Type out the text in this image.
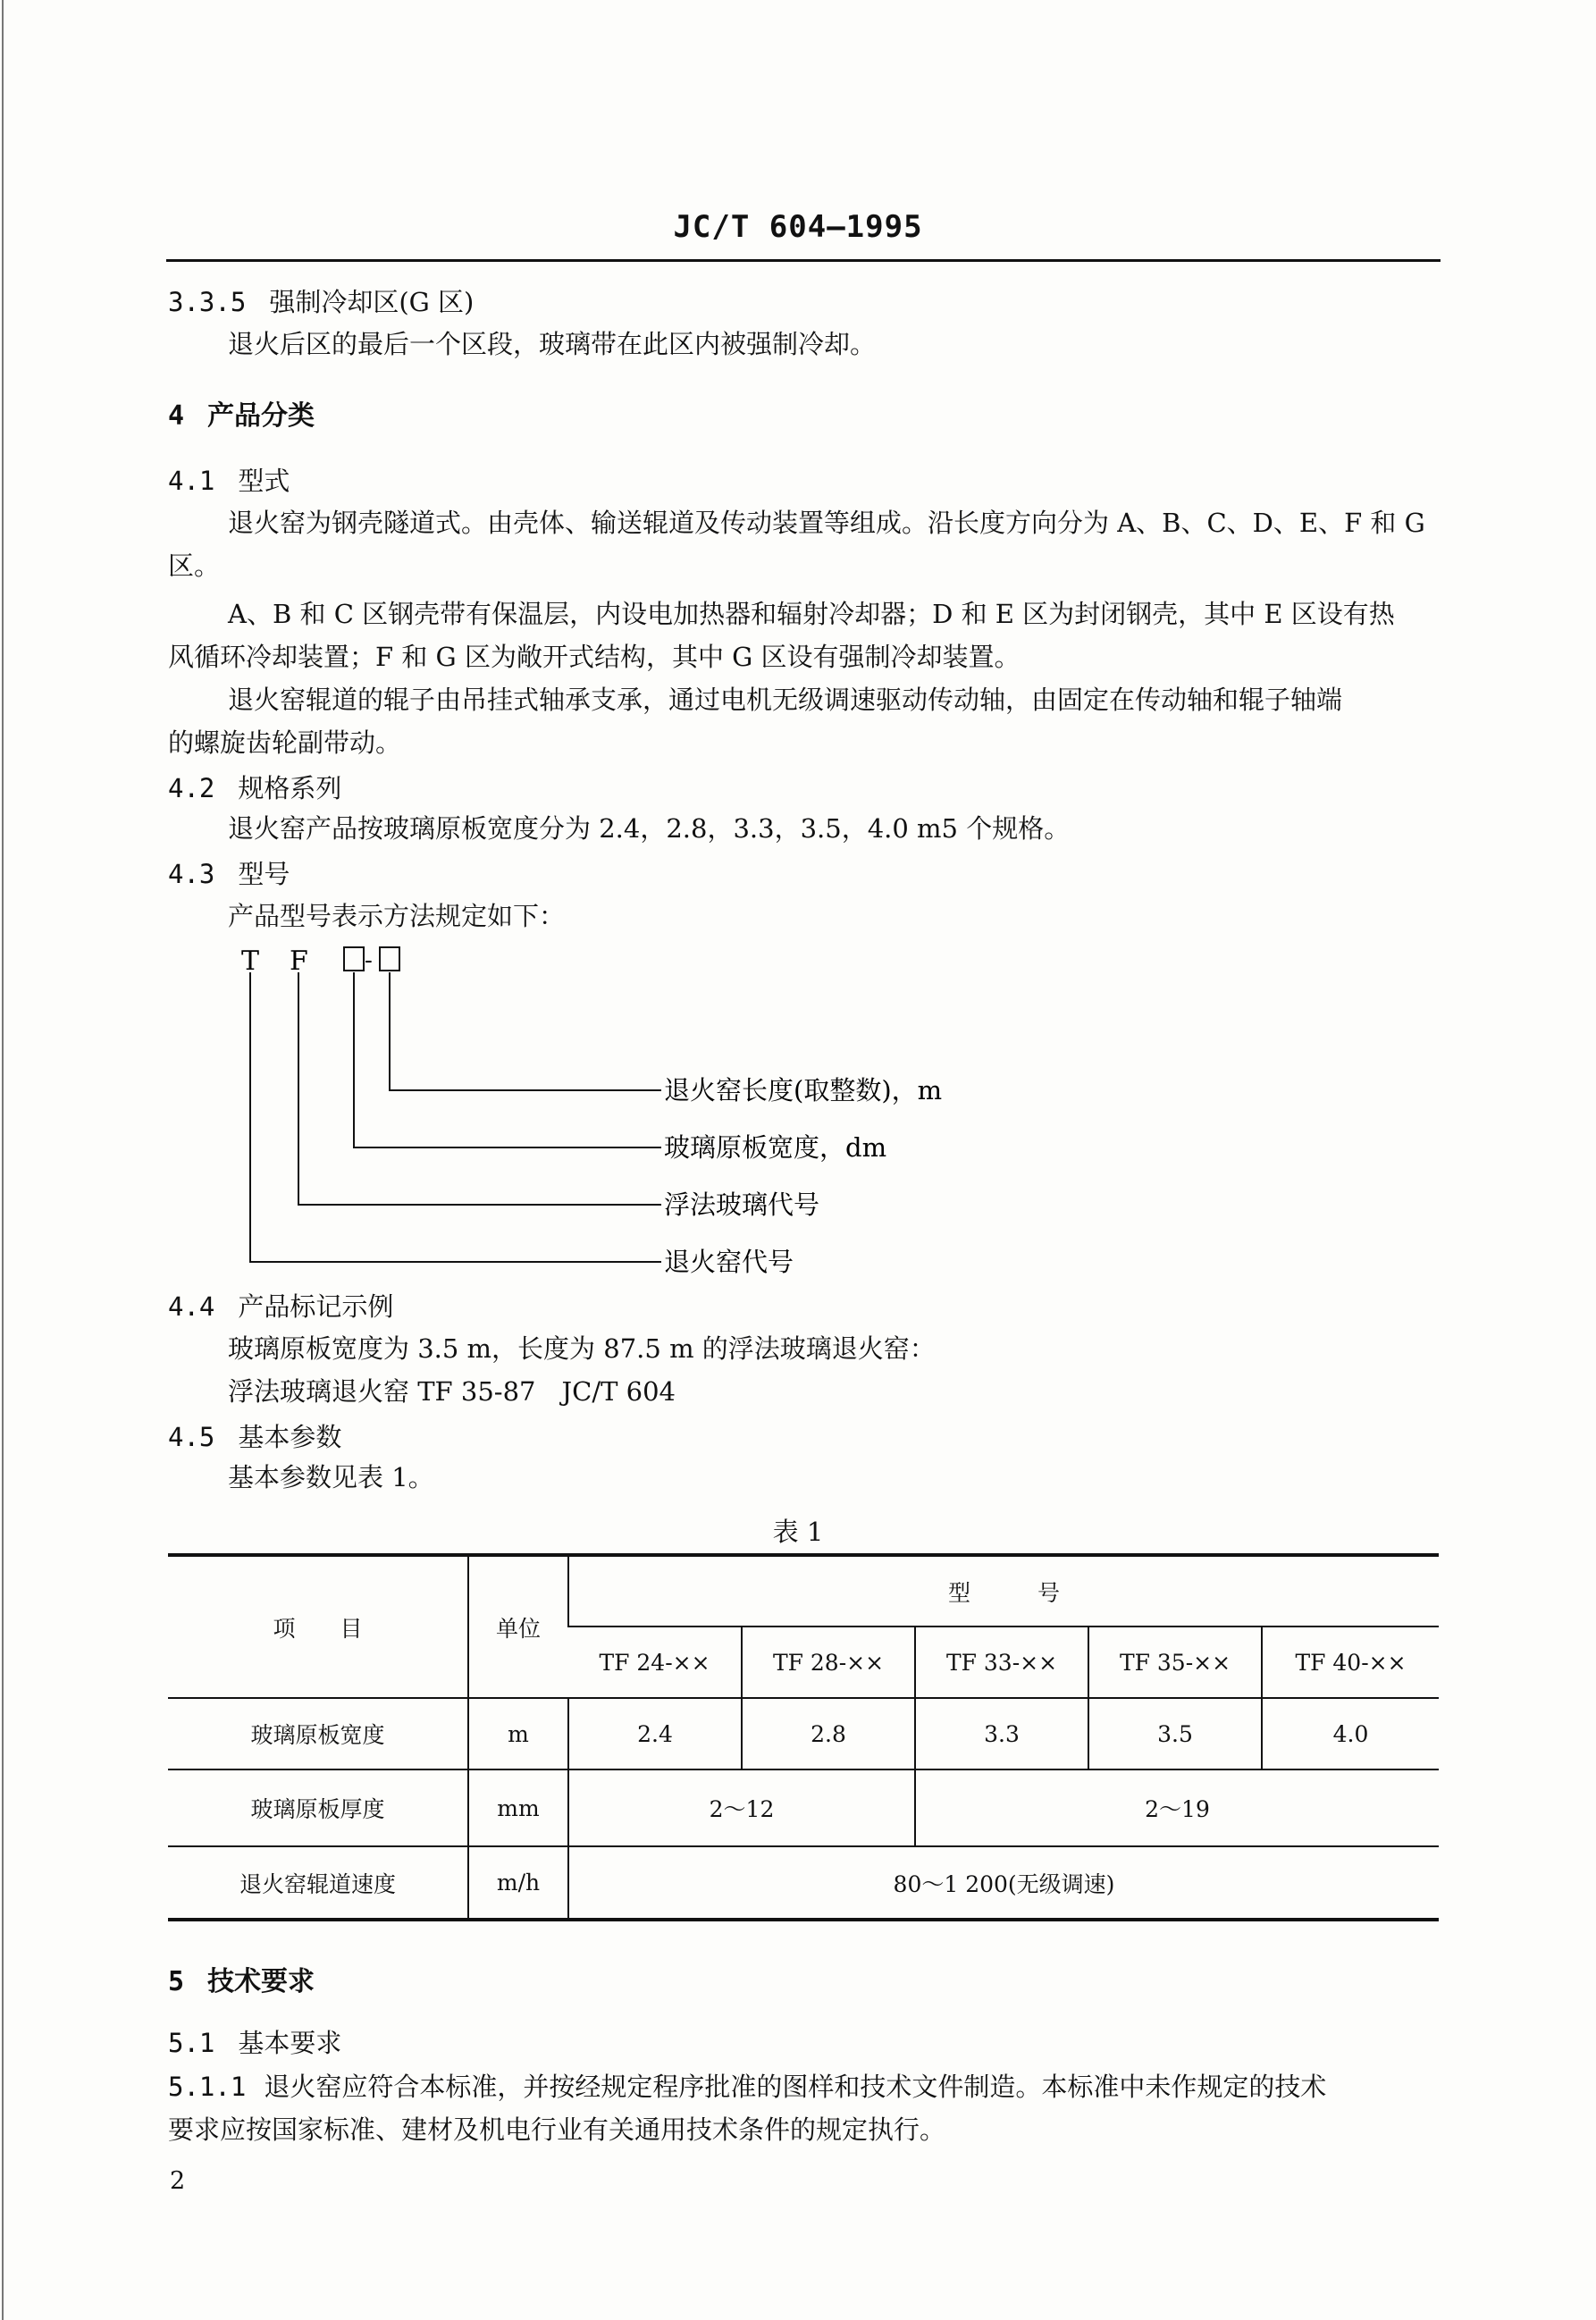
JC/T 604—1995
3.3.5 强制冷却区(G 区)
退火后区的最后一个区段，玻璃带在此区内被强制冷却。
4 产品分类
4.1 型式
退火窑为钢壳隧道式。由壳体、输送辊道及传动装置等组成。沿长度方向分为 A、B、C、D、E、F 和 G
区。
A、B 和 C 区钢壳带有保温层，内设电加热器和辐射冷却器；D 和 E 区为封闭钢壳，其中 E 区设有热
风循环冷却装置；F 和 G 区为敞开式结构，其中 G 区设有强制冷却装置。
退火窑辊道的辊子由吊挂式轴承支承，通过电机无级调速驱动传动轴，由固定在传动轴和辊子轴端
的螺旋齿轮副带动。
4.2 规格系列
退火窑产品按玻璃原板宽度分为 2.4，2.8，3.3，3.5，4.0 m5 个规格。
4.3 型号
产品型号表示方法规定如下：
T F -
退火窑长度(取整数)，m
玻璃原板宽度，dm
浮法玻璃代号
退火窑代号
4.4 产品标记示例
玻璃原板宽度为 3.5 m，长度为 87.5 m 的浮法玻璃退火窑：
浮法玻璃退火窑 TF 35-87　JC/T 604
4.5 基本参数
基本参数见表 1。
表 1
项　　目	单位	型　　　号				
		TF 24-××	TF 28-××	TF 33-××	TF 35-××	TF 40-××
玻璃原板宽度	m	2.4	2.8	3.3	3.5	4.0
玻璃原板厚度	mm	2～12		2～19		
退火窑辊道速度	m/h	80～1 200(无级调速)				
5 技术要求
5.1 基本要求
5.1.1 退火窑应符合本标准，并按经规定程序批准的图样和技术文件制造。本标准中未作规定的技术
要求应按国家标准、建材及机电行业有关通用技术条件的规定执行。
2
